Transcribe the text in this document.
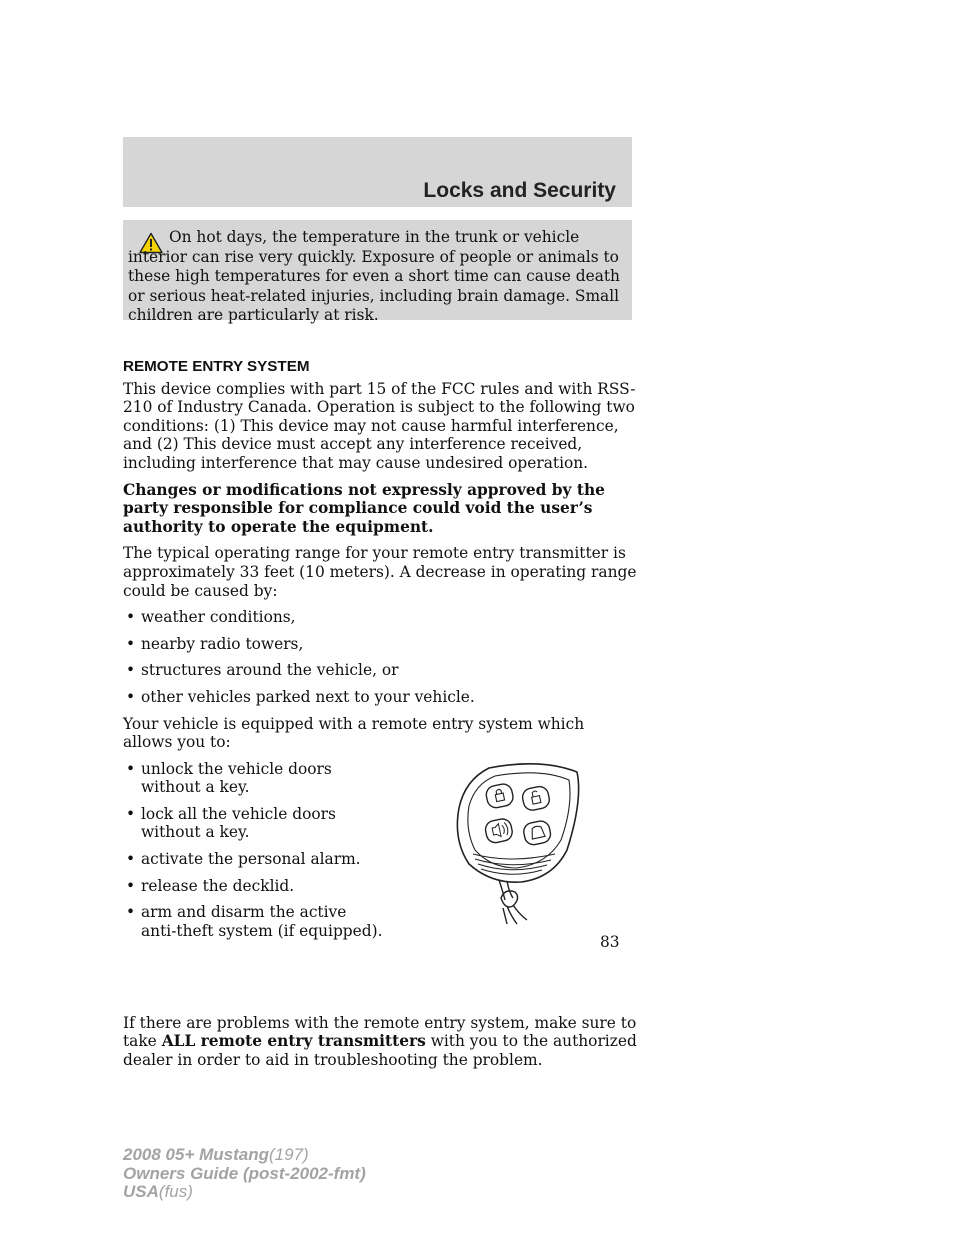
Locks and Security

On hot days, the temperature in the trunk or vehicle interior can rise very quickly. Exposure of people or animals to these high temperatures for even a short time can cause death or serious heat-related injuries, including brain damage. Small children are particularly at risk.

REMOTE ENTRY SYSTEM

This device complies with part 15 of the FCC rules and with RSS-210 of Industry Canada. Operation is subject to the following two conditions: (1) This device may not cause harmful interference, and (2) This device must accept any interference received, including interference that may cause undesired operation.

Changes or modifications not expressly approved by the party responsible for compliance could void the user’s authority to operate the equipment.

The typical operating range for your remote entry transmitter is approximately 33 feet (10 meters). A decrease in operating range could be caused by:

• weather conditions,
• nearby radio towers,
• structures around the vehicle, or
• other vehicles parked next to your vehicle.

Your vehicle is equipped with a remote entry system which allows you to:

• unlock the vehicle doors without a key.
• lock all the vehicle doors without a key.
• activate the personal alarm.
• release the decklid.
• arm and disarm the active anti-theft system (if equipped).

If there are problems with the remote entry system, make sure to take ALL remote entry transmitters with you to the authorized dealer in order to aid in troubleshooting the problem.

83
2008 05+ Mustang(197)
Owners Guide (post-2002-fmt)
USA(fus)
